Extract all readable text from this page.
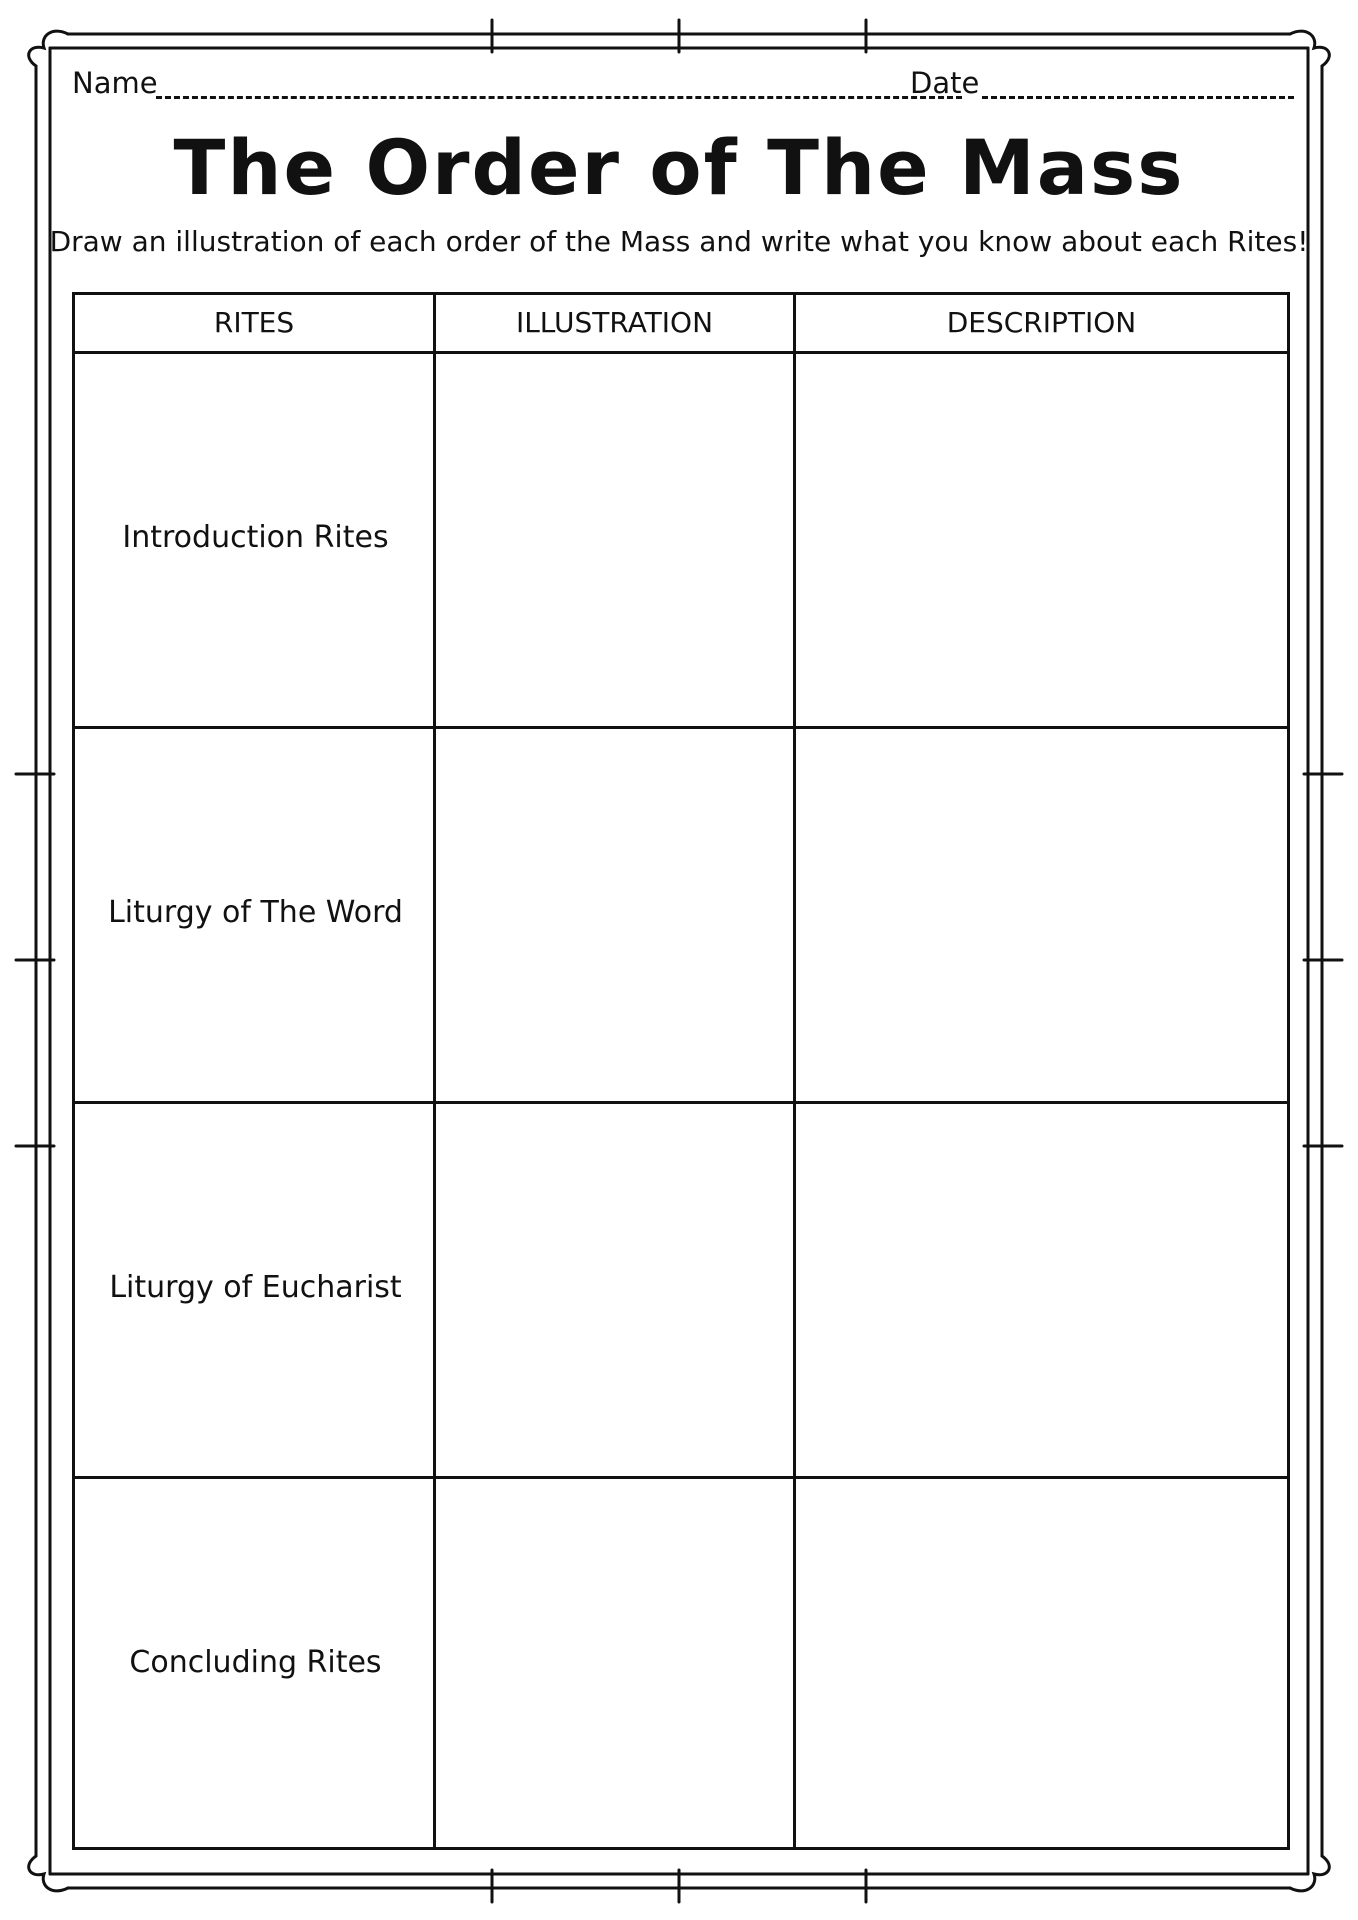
Name	Date
The Order of The Mass
Draw an illustration of each order of the Mass and write what you know about each Rites!
RITES	ILLUSTRATION	DESCRIPTION
Introduction Rites
Liturgy of The Word
Liturgy of Eucharist
Concluding Rites
